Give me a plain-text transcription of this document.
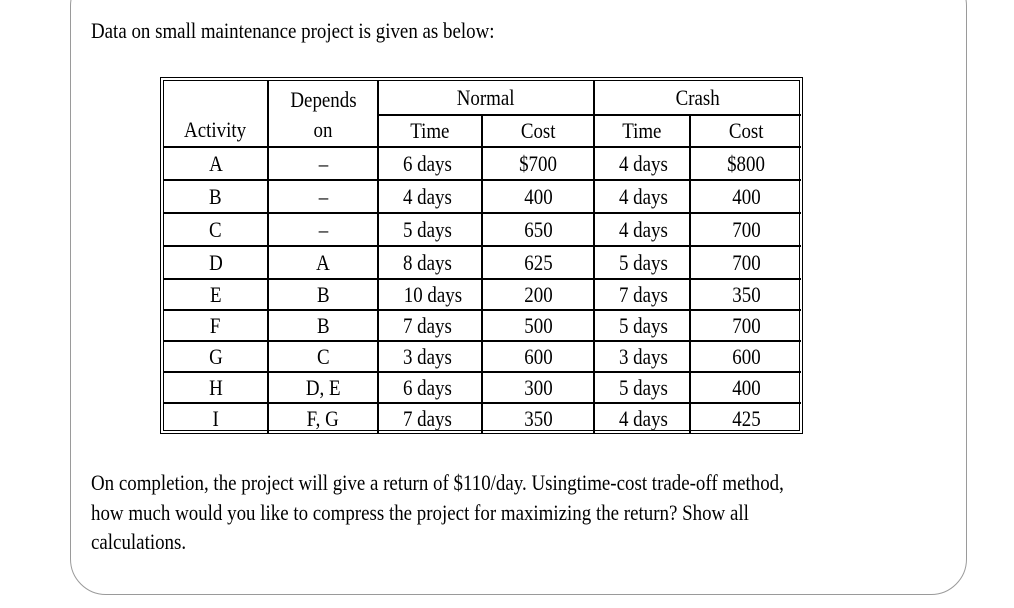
Data on small maintenance project is given as below:
	Depends	Normal		Crash	
Activity	on	Time	Cost	Time	Cost
A	–	6 days	$700	4 days	$800
B	–	4 days	400	4 days	400
C	–	5 days	650	4 days	700
D	A	8 days	625	5 days	700
E	B	10 days	200	7 days	350
F	B	7 days	500	5 days	700
G	C	3 days	600	3 days	600
H	D, E	6 days	300	5 days	400
I	F, G	7 days	350	4 days	425
On completion, the project will give a return of $110/day. Usingtime-cost trade-off method,
how much would you like to compress the project for maximizing the return? Show all
calculations.
